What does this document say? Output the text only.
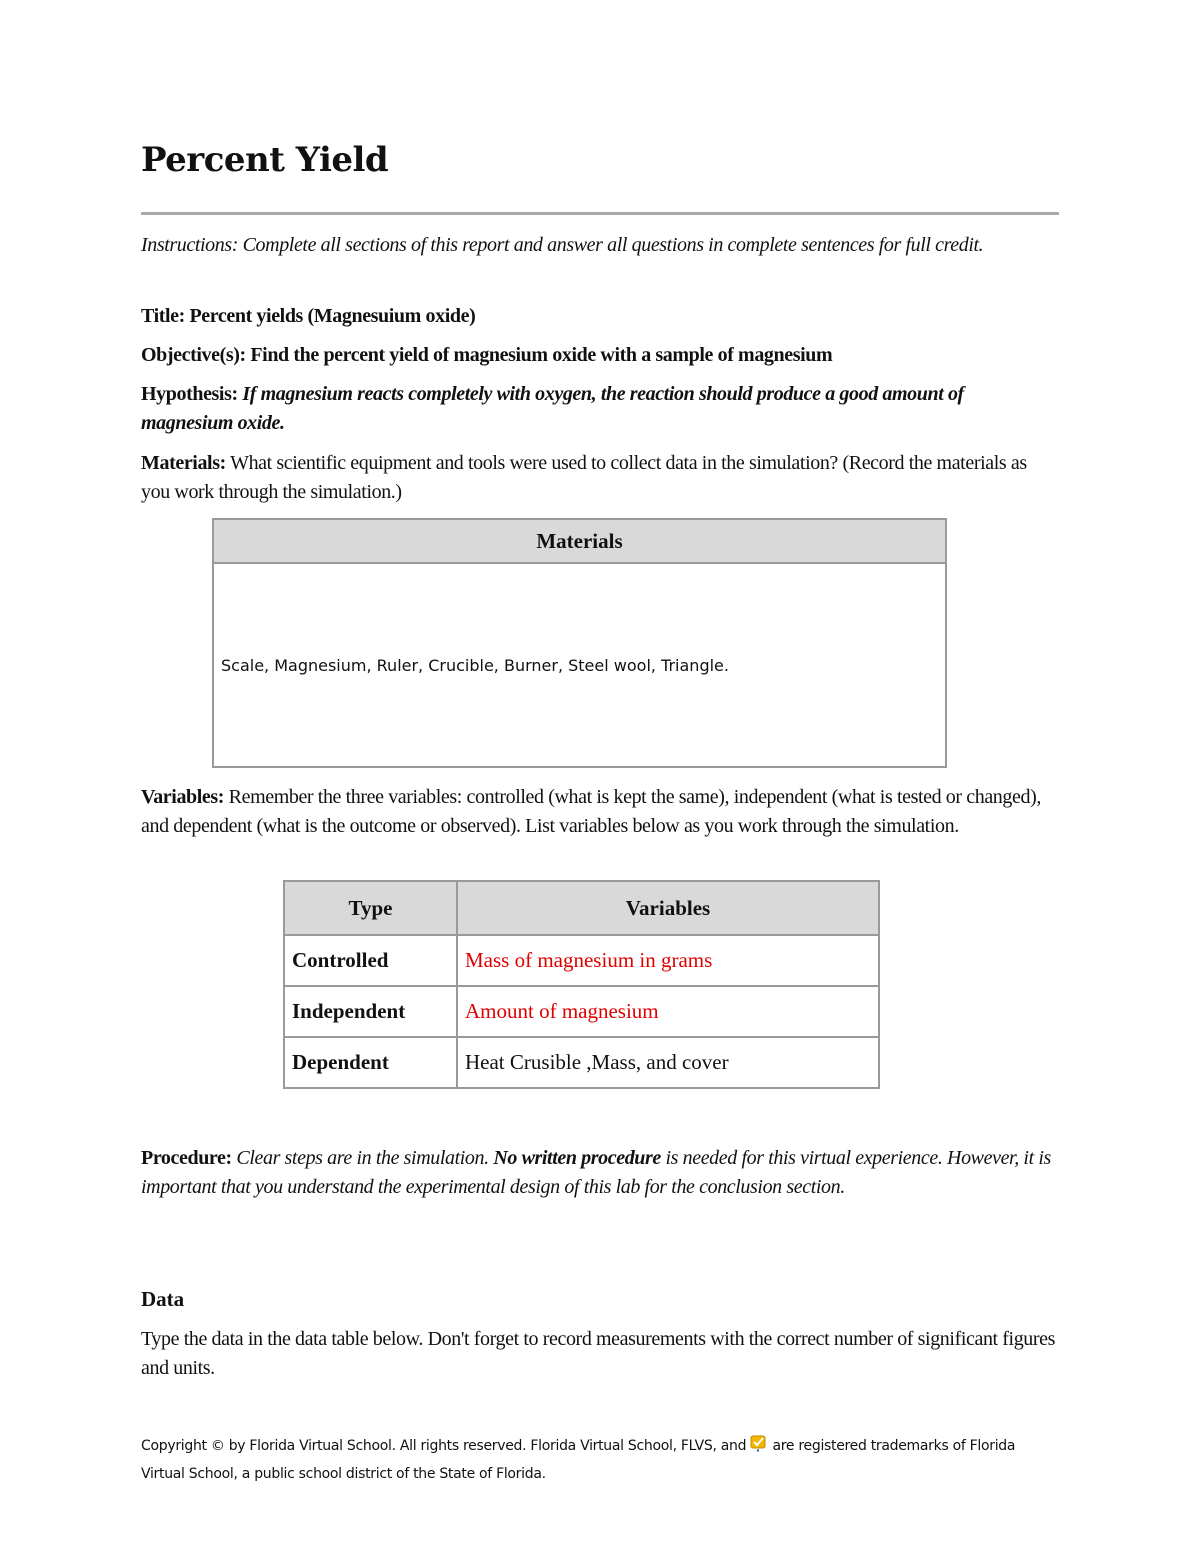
Percent Yield
Instructions: Complete all sections of this report and answer all questions in complete sentences for full credit.
Title: Percent yields (Magnesuium oxide)
Objective(s): Find the percent yield of magnesium oxide with a sample of magnesium
Hypothesis: If magnesium reacts completely with oxygen, the reaction should produce a good amount of magnesium oxide.
Materials: What scientific equipment and tools were used to collect data in the simulation? (Record the materials as you work through the simulation.)
Materials
Scale, Magnesium, Ruler, Crucible, Burner, Steel wool, Triangle.
Variables: Remember the three variables: controlled (what is kept the same), independent (what is tested or changed), and dependent (what is the outcome or observed). List variables below as you work through the simulation.
Type	Variables
Controlled	Mass of magnesium in grams
Independent	Amount of magnesium
Dependent	Heat Crusible ,Mass, and cover
Procedure: Clear steps are in the simulation. No written procedure is needed for this virtual experience. However, it is important that you understand the experimental design of this lab for the conclusion section.
Data
Type the data in the data table below. Don't forget to record measurements with the correct number of significant figures and units.
Copyright © by Florida Virtual School. All rights reserved. Florida Virtual School, FLVS, and  are registered trademarks of Florida Virtual School, a public school district of the State of Florida.
